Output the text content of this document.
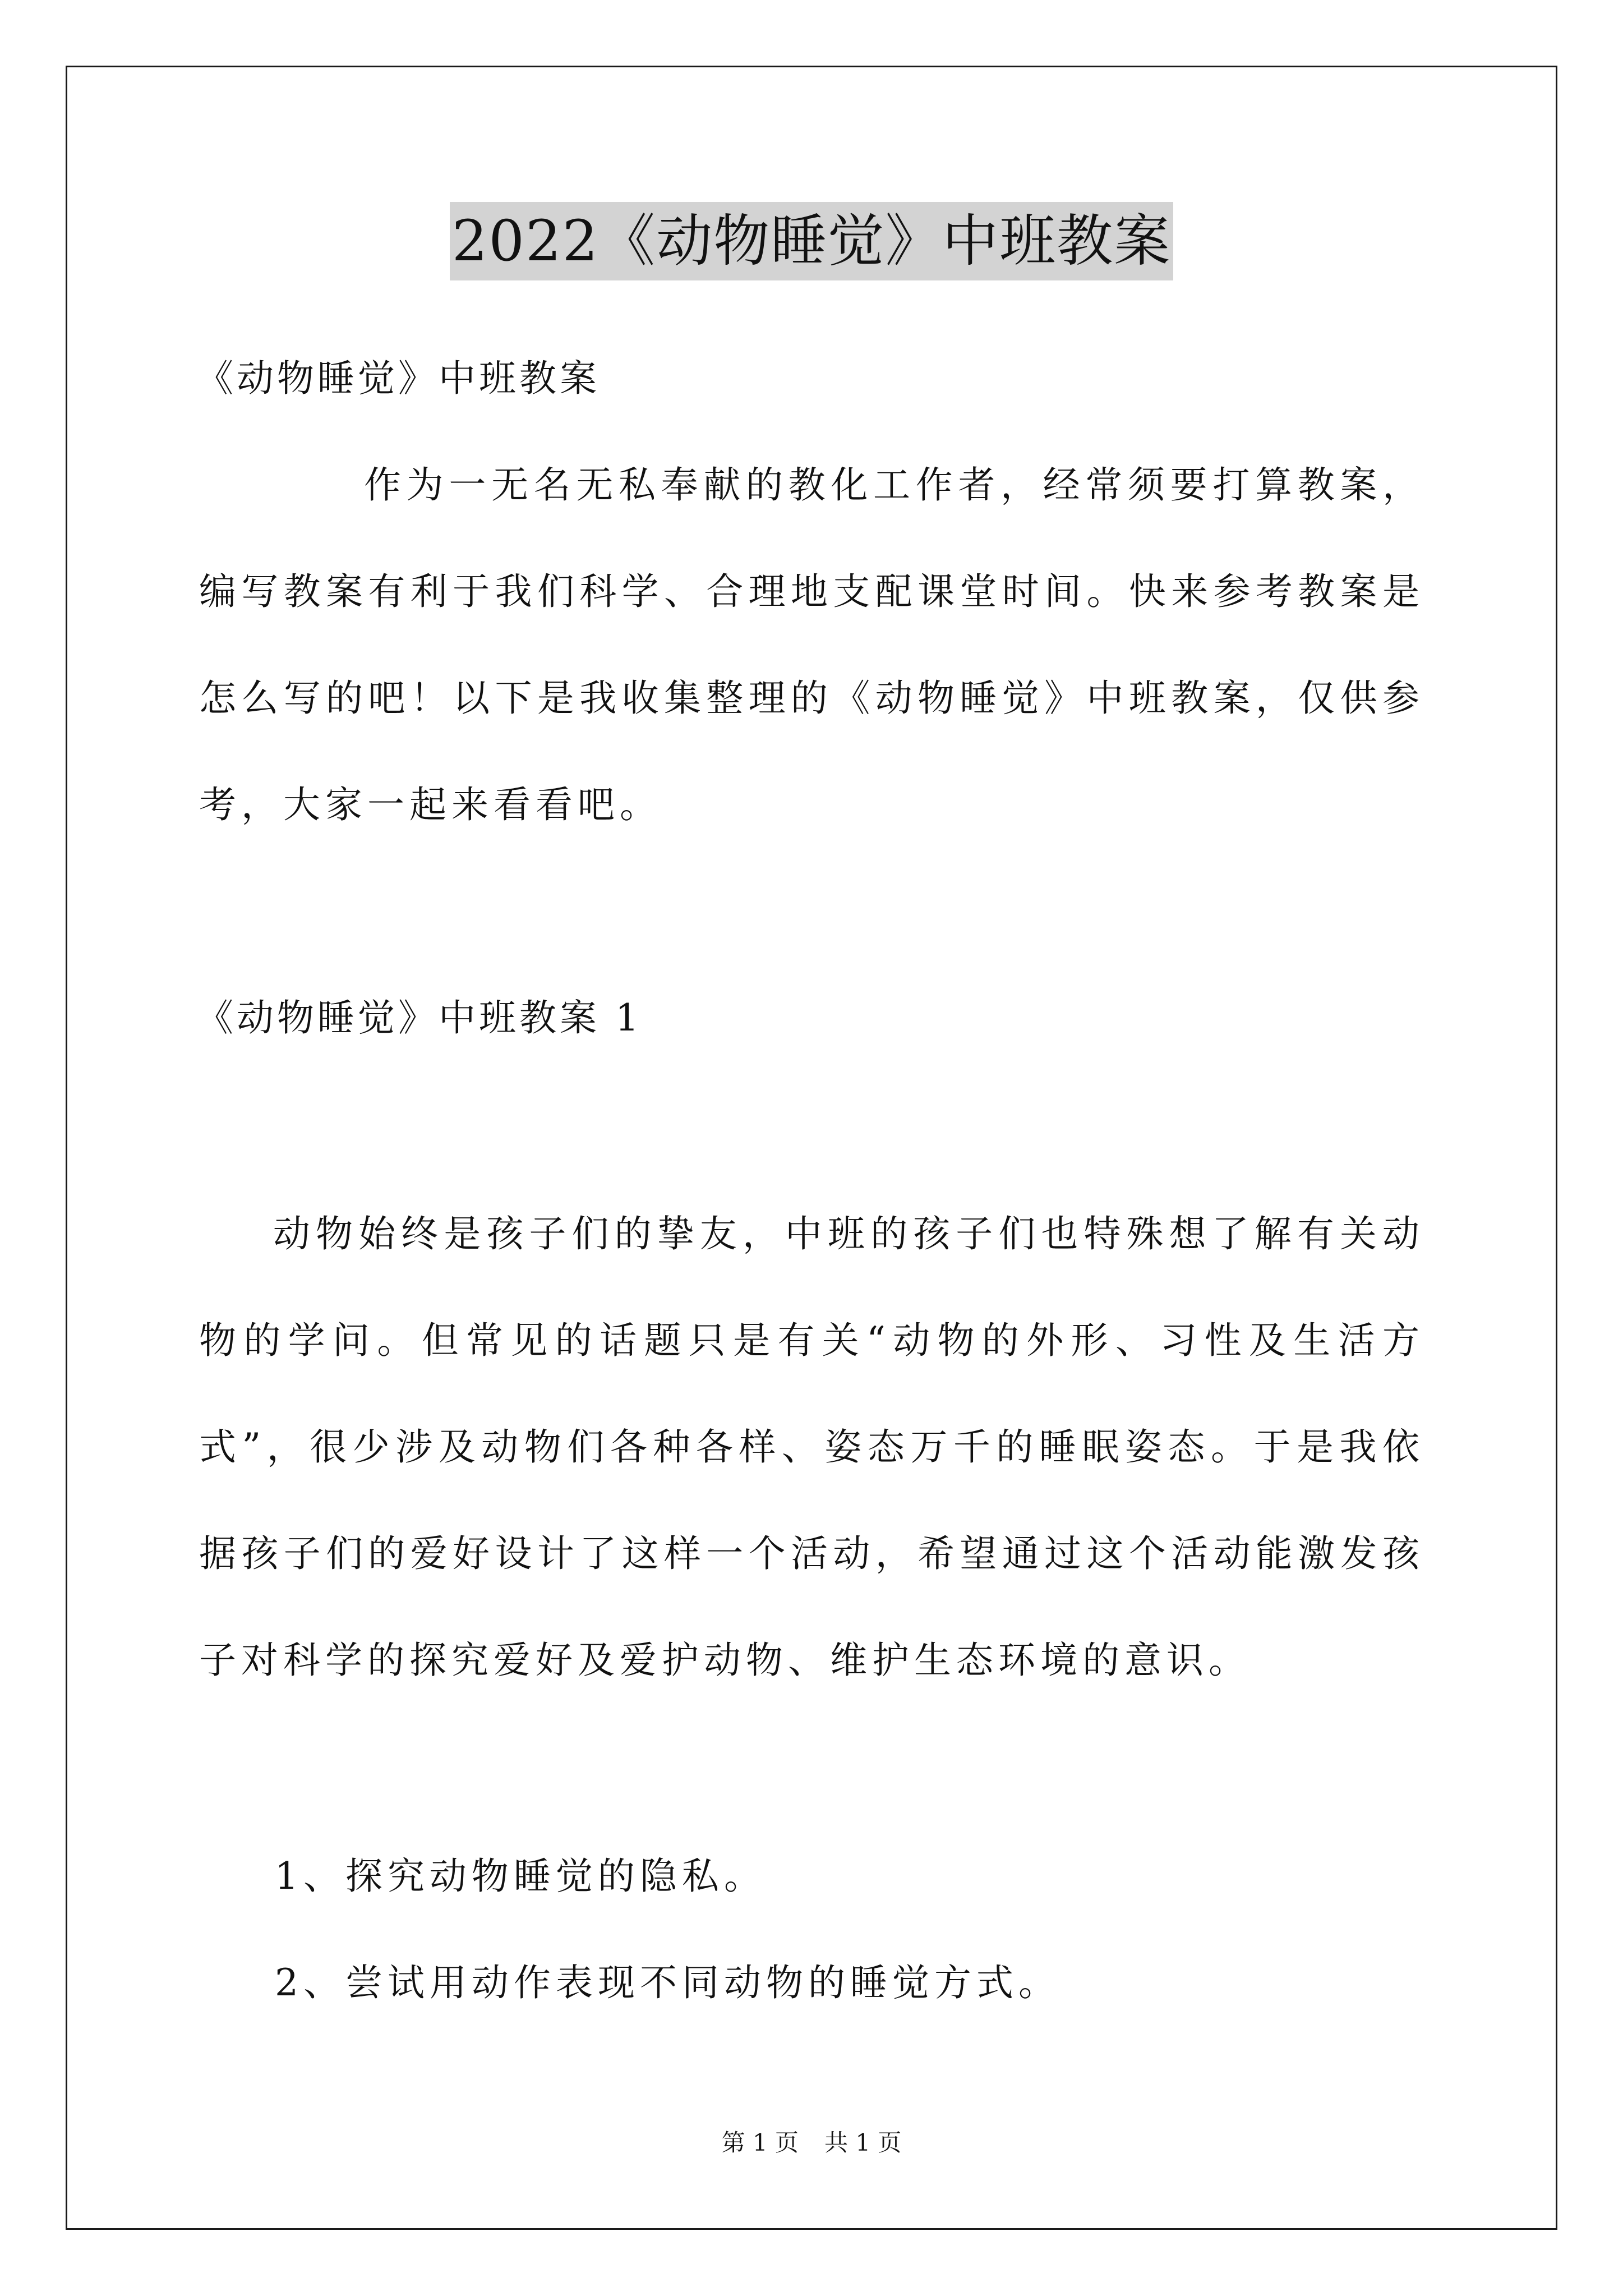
2022《动物睡觉》中班教案

《动物睡觉》中班教案

作为一无名无私奉献的教化工作者，经常须要打算教案，编写教案有利于我们科学、合理地支配课堂时间。快来参考教案是怎么写的吧！以下是我收集整理的《动物睡觉》中班教案，仅供参考，大家一起来看看吧。

《动物睡觉》中班教案 1

动物始终是孩子们的挚友，中班的孩子们也特殊想了解有关动物的学问。但常见的话题只是有关“动物的外形、习性及生活方式”，很少涉及动物们各种各样、姿态万千的睡眠姿态。于是我依据孩子们的爱好设计了这样一个活动，希望通过这个活动能激发孩子对科学的探究爱好及爱护动物、维护生态环境的意识。

1、探究动物睡觉的隐私。

2、尝试用动作表现不同动物的睡觉方式。

第 1 页 共 1 页
